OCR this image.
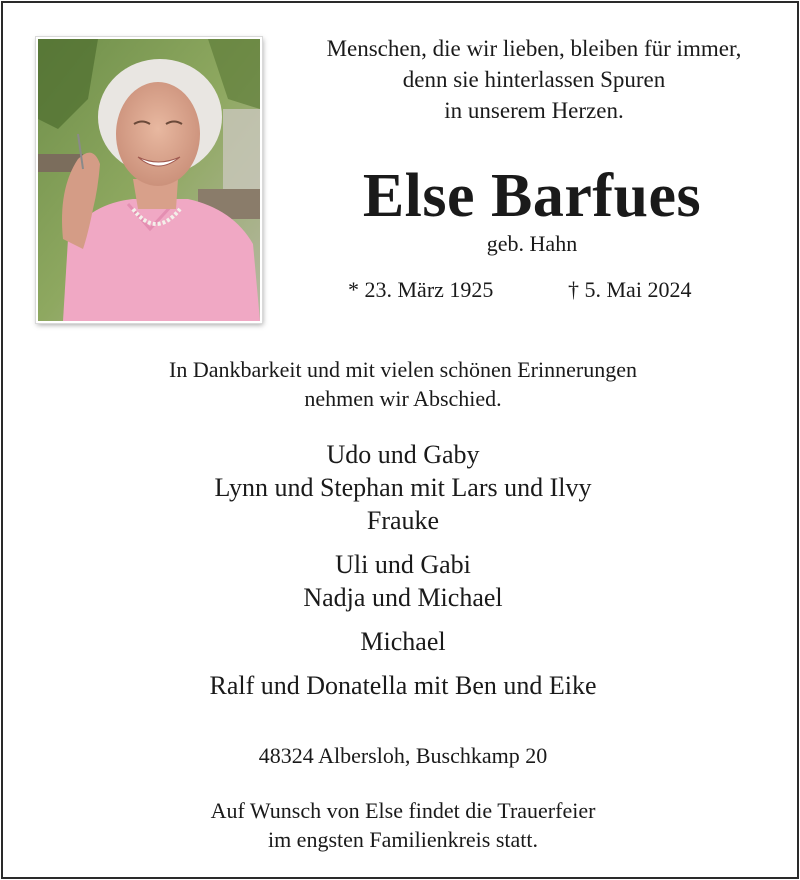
Menschen, die wir lieben, bleiben für immer,
denn sie hinterlassen Spuren
in unserem Herzen.
Else Barfues
geb. Hahn
* 23. März 1925	† 5. Mai 2024
In Dankbarkeit und mit vielen schönen Erinnerungen
nehmen wir Abschied.
Udo und Gaby
Lynn und Stephan mit Lars und Ilvy
Frauke
Uli und Gabi
Nadja und Michael
Michael
Ralf und Donatella mit Ben und Eike
48324 Albersloh, Buschkamp 20
Auf Wunsch von Else findet die Trauerfeier
im engsten Familienkreis statt.
